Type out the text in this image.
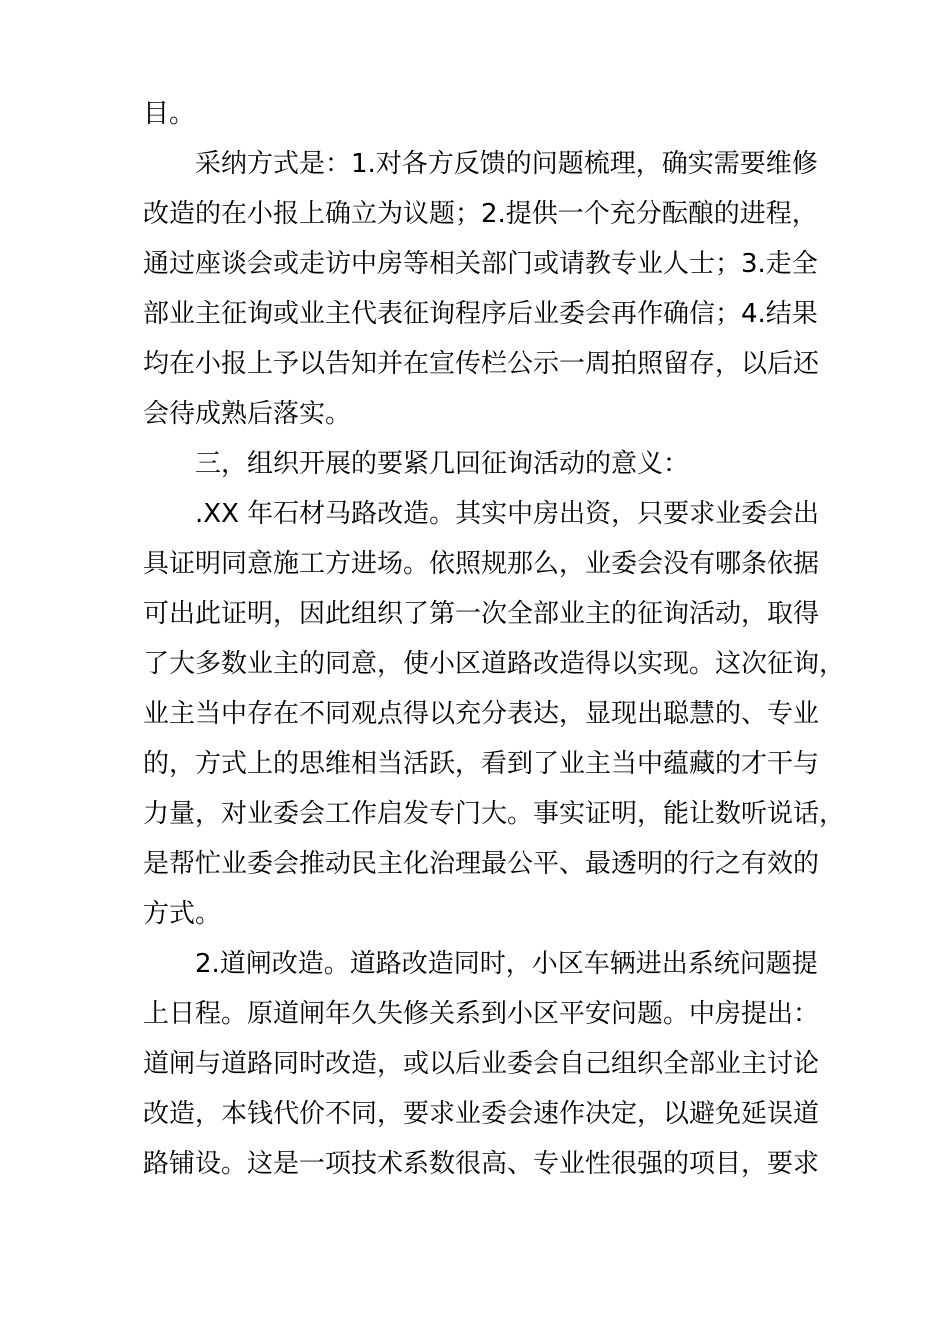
目。

采纳方式是：1.对各方反馈的问题梳理，确实需要维修

改造的在小报上确立为议题；2.提供一个充分酝酿的进程，

通过座谈会或走访中房等相关部门或请教专业人士；3.走全

部业主征询或业主代表征询程序后业委会再作确信；4.结果

均在小报上予以告知并在宣传栏公示一周拍照留存，以后还

会待成熟后落实。

三，组织开展的要紧几回征询活动的意义：

.XX 年石材马路改造。其实中房出资，只要求业委会出

具证明同意施工方进场。依照规那么，业委会没有哪条依据

可出此证明，因此组织了第一次全部业主的征询活动，取得

了大多数业主的同意，使小区道路改造得以实现。这次征询，

业主当中存在不同观点得以充分表达，显现出聪慧的、专业

的，方式上的思维相当活跃，看到了业主当中蕴藏的才干与

力量，对业委会工作启发专门大。事实证明，能让数听说话，

是帮忙业委会推动民主化治理最公平、最透明的行之有效的

方式。

2.道闸改造。道路改造同时，小区车辆进出系统问题提

上日程。原道闸年久失修关系到小区平安问题。中房提出：

道闸与道路同时改造，或以后业委会自己组织全部业主讨论

改造，本钱代价不同，要求业委会速作决定，以避免延误道

路铺设。这是一项技术系数很高、专业性很强的项目，要求
